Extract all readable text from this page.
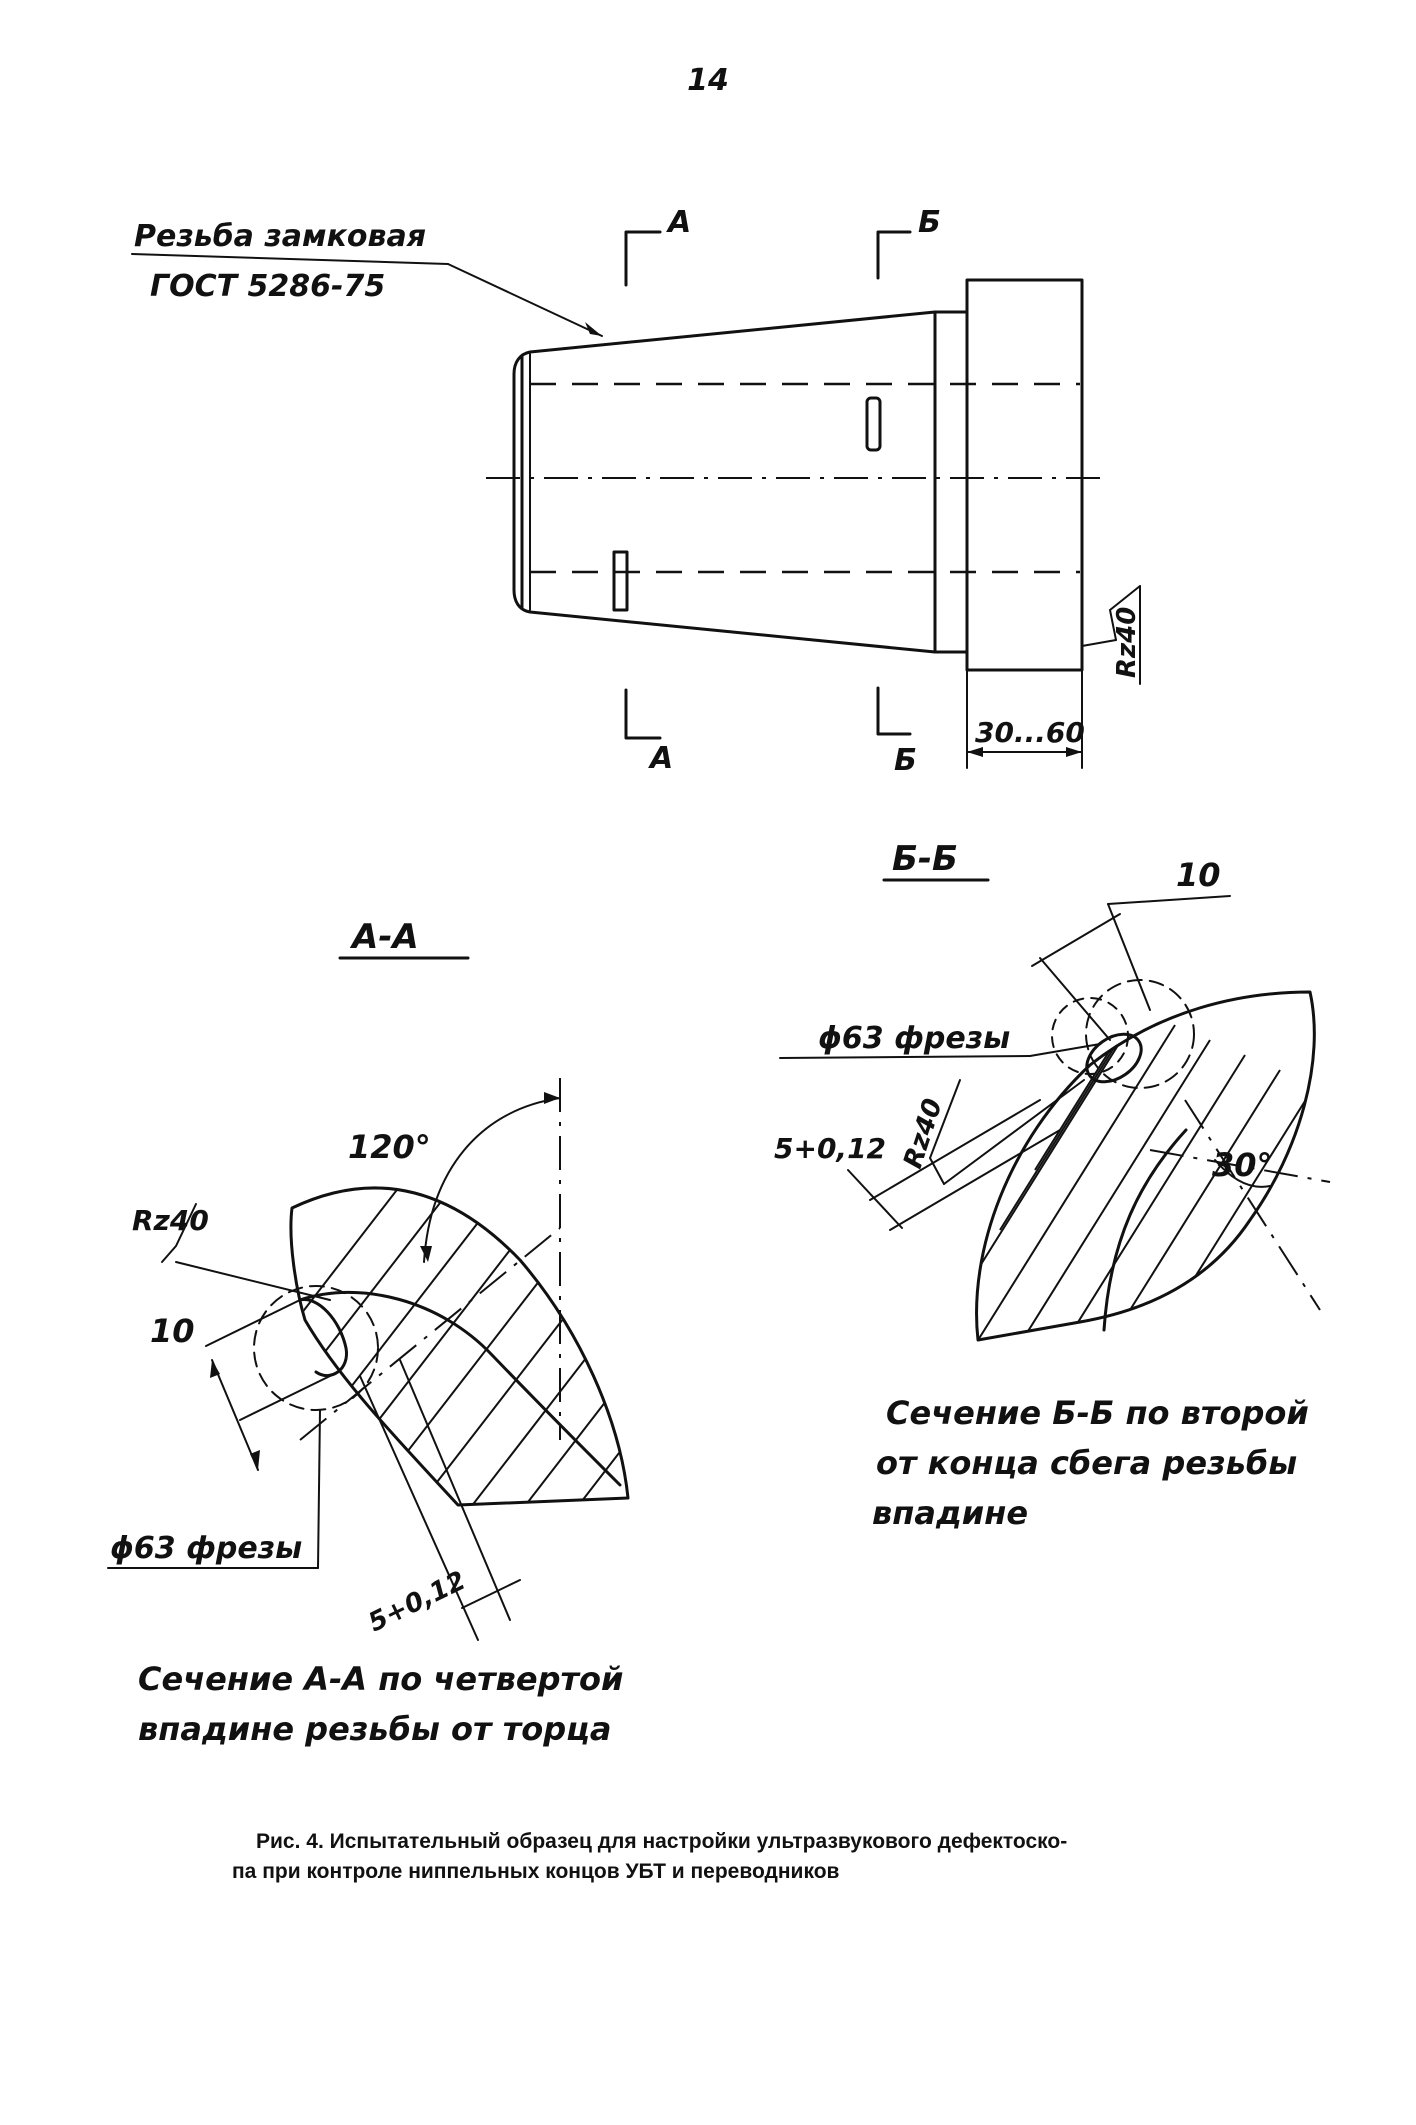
14
Резьба замковая
ГОСТ 5286-75
А
А
Б
Б
Rz40
30...60
А-А
120°
Rz40
10
ϕ63 фрезы
5+0,12
Сечение А-А по четвертой
впадине резьбы от торца
Б-Б
30°
10
ϕ63 фрезы
5+0,12 Rz40
Сечение Б-Б по второй
от конца сбега резьбы
впадине
Рис. 4. Испытательный образец для настройки ультразвукового дефектоско-
па при контроле ниппельных концов УБТ и переводников
